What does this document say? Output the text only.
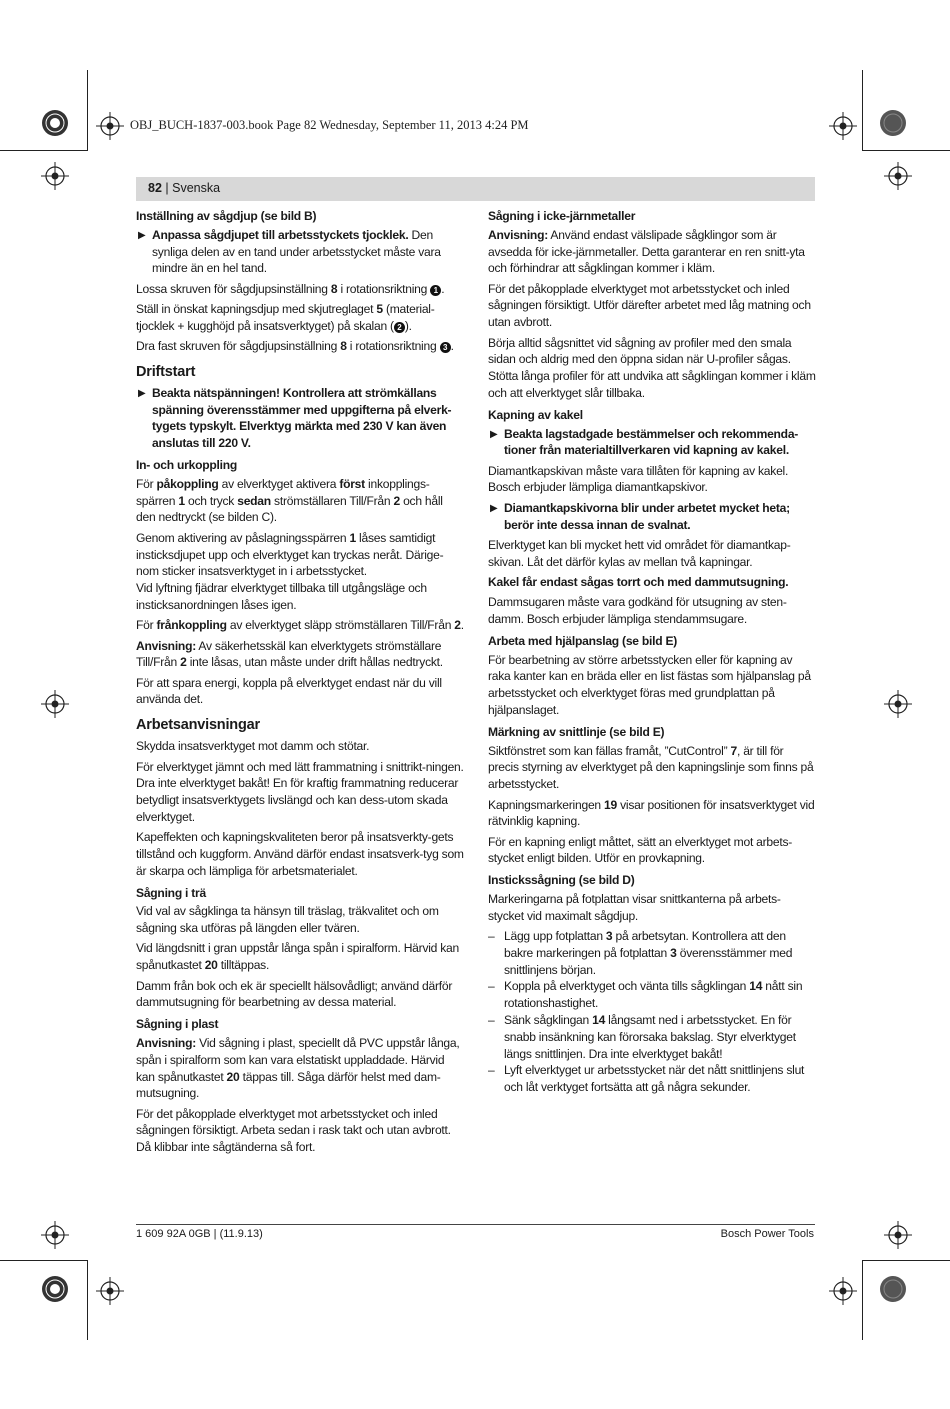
OBJ_BUCH-1837-003.book Page 82 Wednesday, September 11, 2013 4:24 PM
82 | Svenska
Inställning av sågdjup (se bild B)

▶ Anpassa sågdjupet till arbetsstyckets tjocklek. Den synliga delen av en tand under arbetsstycket måste vara mindre än en hel tand.

Lossa skruven för sågdjupsinställning 8 i rotationsriktning 1 .

Ställ in önskat kapningsdjup med skjutreglaget 5 (material-tjocklek + kugghöjd på insatsverktyget) på skalan ( 2 ).

Dra fast skruven för sågdjupsinställning 8 i rotationsriktning 3 .

Driftstart

▶ Beakta nätspänningen! Kontrollera att strömkällans spänning överensstämmer med uppgifterna på elverk-tygets typskylt. Elverktyg märkta med 230 V kan även anslutas till 220 V.

In- och urkoppling

För påkoppling av elverktyget aktivera först inkopplings-spärren 1 och tryck sedan strömställaren Till/Från 2 och håll den nedtryckt (se bilden C).

Genom aktivering av påslagningsspärren 1 låses samtidigt insticksdjupet upp och elverktyget kan tryckas neråt. Därige-nom sticker insatsverktyget in i arbetsstycket.

Vid lyftning fjädrar elverktyget tillbaka till utgångsläge och insticksanordningen låses igen.

För frånkoppling av elverktyget släpp strömställaren Till/Från 2.

Anvisning: Av säkerhetsskäl kan elverktygets strömställare Till/Från 2 inte låsas, utan måste under drift hållas nedtryckt.

För att spara energi, koppla på elverktyget endast när du vill använda det.

Arbetsanvisningar

Skydda insatsverktyget mot damm och stötar.

För elverktyget jämnt och med lätt frammatning i snittrikt-ningen. Dra inte elverktyget bakåt! En för kraftig frammatning reducerar betydligt insatsverktygets livslängd och kan dess-utom skada elverktyget.

Kapeffekten och kapningskvaliteten beror på insatsverkty-gets tillstånd och kuggform. Använd därför endast insatsverk-tyg som är skarpa och lämpliga för arbetsmaterialet.

Sågning i trä

Vid val av sågklinga ta hänsyn till träslag, träkvalitet och om sågning ska utföras på längden eller tvären.

Vid längdsnitt i gran uppstår långa spån i spiralform. Härvid kan spånutkastet 20 tilltäppas.

Damm från bok och ek är speciellt hälsovådligt; använd därför dammutsugning för bearbetning av dessa material.

Sågning i plast

Anvisning: Vid sågning i plast, speciellt då PVC uppstår långa, spån i spiralform som kan vara elstatiskt uppladdade. Härvid kan spånutkastet 20 täppas till. Såga därför helst med dam-mutsugning.

För det påkopplade elverktyget mot arbetsstycket och inled sågningen försiktigt. Arbeta sedan i rask takt och utan avbrott. Då klibbar inte sågtänderna så fort.

Sågning i icke-järnmetaller

Anvisning: Använd endast välslipade sågklingor som är avsedda för icke-järnmetaller. Detta garanterar en ren snitt-yta och förhindrar att sågklingan kommer i kläm.

För det påkopplade elverktyget mot arbetsstycket och inled sågningen försiktigt. Utför därefter arbetet med låg matning och utan avbrott.

Börja alltid sågsnittet vid sågning av profiler med den smala sidan och aldrig med den öppna sidan när U-profiler sågas. Stötta långa profiler för att undvika att sågklingan kommer i kläm och att elverktyget slår tillbaka.

Kapning av kakel

▶ Beakta lagstadgade bestämmelser och rekommenda-tioner från materialtillverkaren vid kapning av kakel.

Diamantkapskivan måste vara tillåten för kapning av kakel. Bosch erbjuder lämpliga diamantkapskivor.

▶ Diamantkapskivorna blir under arbetet mycket heta; berör inte dessa innan de svalnat.

Elverktyget kan bli mycket hett vid området för diamantkap-skivan. Låt det därför kylas av mellan två kapningar.

Kakel får endast sågas torrt och med dammutsugning.

Dammsugaren måste vara godkänd för utsugning av sten-damm. Bosch erbjuder lämpliga stendammsugare.

Arbeta med hjälpanslag (se bild E)

För bearbetning av större arbetsstycken eller för kapning av raka kanter kan en bräda eller en list fästas som hjälpanslag på arbetsstycket och elverktyget föras med grundplattan på hjälpanslaget.

Märkning av snittlinje (se bild E)

Siktfönstret som kan fällas framåt, ”CutControl” 7, är till för precis styrning av elverktyget på den kapningslinje som finns på arbetsstycket.

Kapningsmarkeringen 19 visar positionen för insatsverktyget vid rätvinklig kapning.

För en kapning enligt måttet, sätt an elverktyget mot arbets-stycket enligt bilden. Utför en provkapning.

Instickssågning (se bild D)

Markeringarna på fotplattan visar snittkanterna på arbets-stycket vid maximalt sågdjup.

– Lägg upp fotplattan 3 på arbetsytan. Kontrollera att den bakre markeringen på fotplattan 3 överensstämmer med snittlinjens början.
– Koppla på elverktyget och vänta tills sågklingan 14 nått sin rotationshastighet.
– Sänk sågklingan 14 långsamt ned i arbetsstycket. En för snabb insänkning kan förorsaka bakslag. Styr elverktyget längs snittlinjen. Dra inte elverktyget bakåt!
– Lyft elverktyget ur arbetsstycket när det nått snittlinjens slut och låt verktyget fortsätta att gå några sekunder.
1 609 92A 0GB | (11.9.13)	Bosch Power Tools
